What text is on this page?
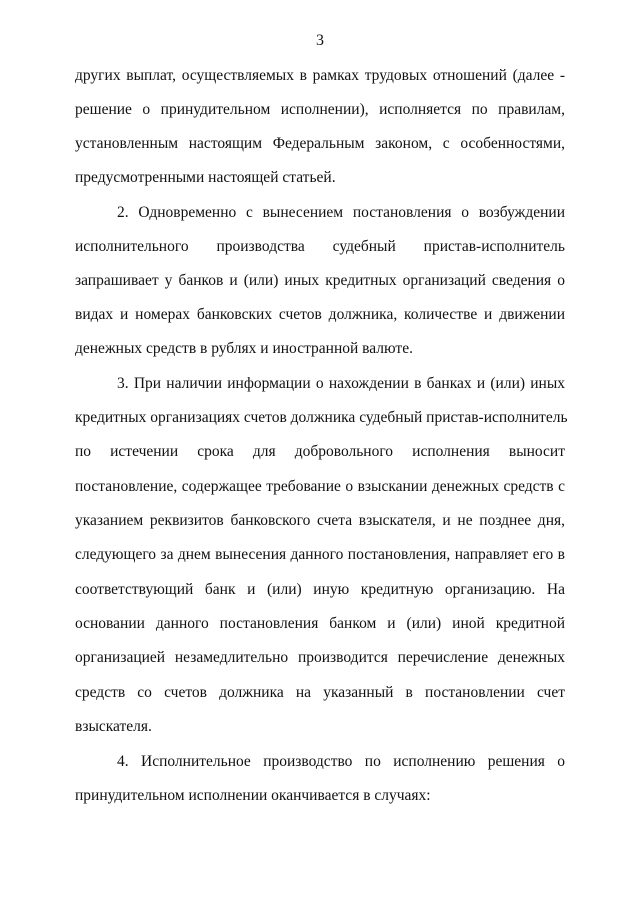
3
других выплат, осуществляемых в рамках трудовых отношений (далее -
решение о принудительном исполнении), исполняется по правилам,
установленным настоящим Федеральным законом, с особенностями,
предусмотренными настоящей статьей.
2. Одновременно с вынесением постановления о возбуждении
исполнительного производства судебный пристав-исполнитель
запрашивает у банков и (или) иных кредитных организаций сведения о
видах и номерах банковских счетов должника, количестве и движении
денежных средств в рублях и иностранной валюте.
3. При наличии информации о нахождении в банках и (или) иных
кредитных организациях счетов должника судебный пристав-исполнитель
по истечении срока для добровольного исполнения выносит
постановление, содержащее требование о взыскании денежных средств с
указанием реквизитов банковского счета взыскателя, и не позднее дня,
следующего за днем вынесения данного постановления, направляет его в
соответствующий банк и (или) иную кредитную организацию. На
основании данного постановления банком и (или) иной кредитной
организацией незамедлительно производится перечисление денежных
средств со счетов должника на указанный в постановлении счет
взыскателя.
4. Исполнительное производство по исполнению решения о
принудительном исполнении оканчивается в случаях:
